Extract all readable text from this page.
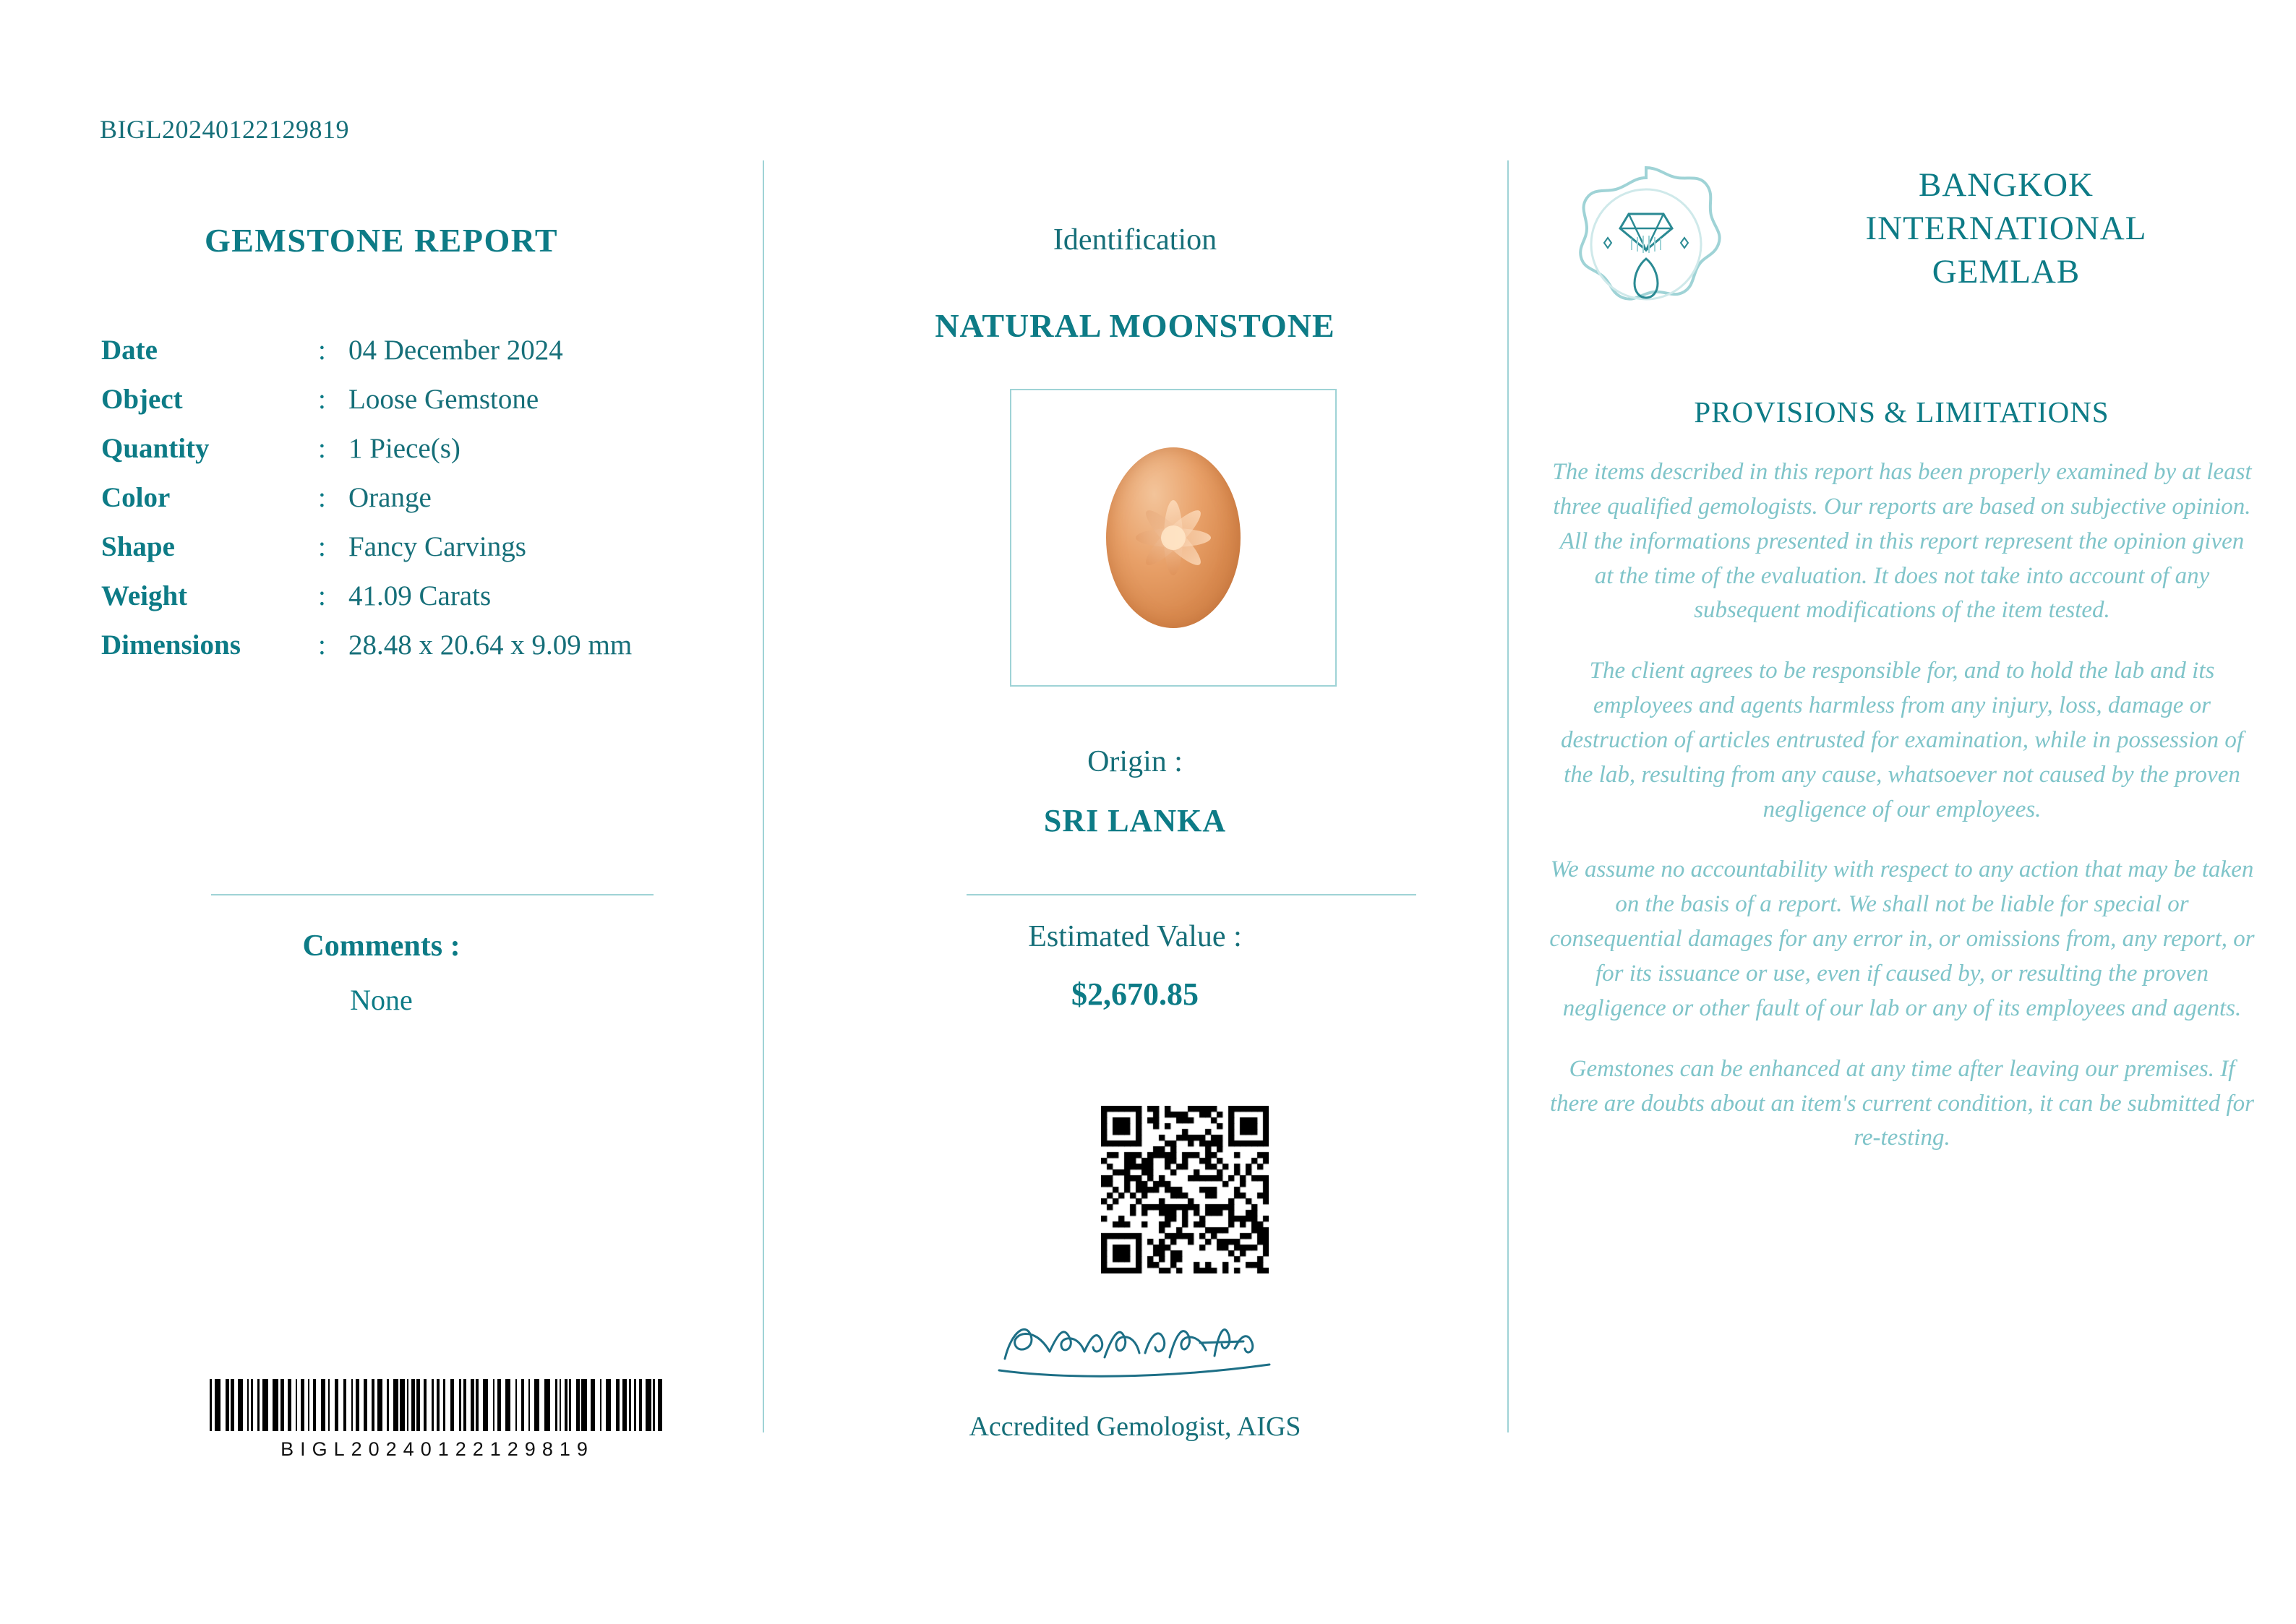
BIGL20240122129819
GEMSTONE REPORT
Date	:	04 December 2024
Object	:	Loose Gemstone
Quantity	:	1 Piece(s)
Color	:	Orange
Shape	:	Fancy Carvings
Weight	:	41.09 Carats
Dimensions	:	28.48 x 20.64 x 9.09 mm
Comments :
None
BIGL20240122129819
Identification
NATURAL MOONSTONE
Origin :
SRI LANKA
Estimated Value :
$2,670.85
Accredited Gemologist, AIGS
BANGKOK
INTERNATIONAL
GEMLAB
PROVISIONS & LIMITATIONS

The items described in this report has been properly examined by at least three qualified gemologists. Our reports are based on subjective opinion. All the informations presented in this report represent the opinion given at the time of the evaluation. It does not take into account of any subsequent modifications of the item tested.

The client agrees to be responsible for, and to hold the lab and its employees and agents harmless from any injury, loss, damage or destruction of articles entrusted for examination, while in possession of the lab, resulting from any cause, whatsoever not caused by the proven negligence of our employees.

We assume no accountability with respect to any action that may be taken on the basis of a report. We shall not be liable for special or consequential damages for any error in, or omissions from, any report, or for its issuance or use, even if caused by, or resulting the proven negligence or other fault of our lab or any of its employees and agents.

Gemstones can be enhanced at any time after leaving our premises. If there are doubts about an item's current condition, it can be submitted for re-testing.
